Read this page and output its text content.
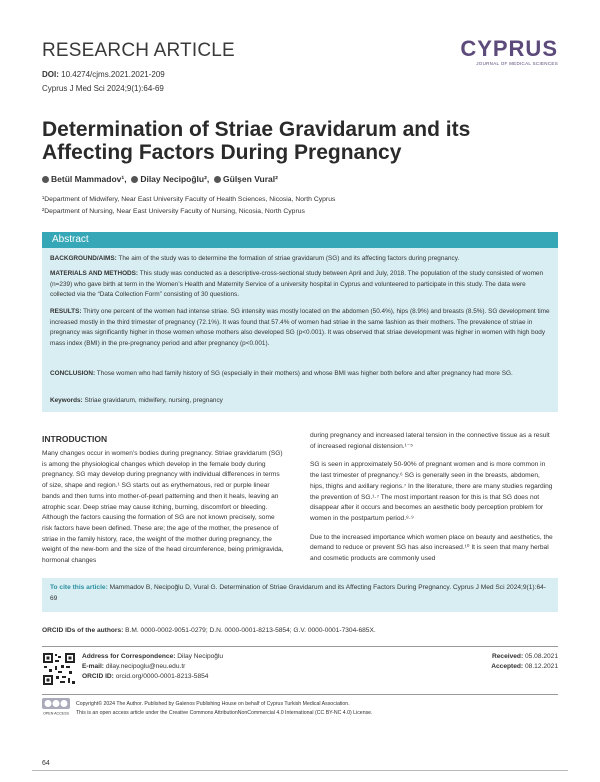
RESEARCH ARTICLE	CYPRUS
JOURNAL OF MEDICAL SCIENCES
DOI: 10.4274/cjms.2021.2021-209
Cyprus J Med Sci 2024;9(1):64-69
Determination of Striae Gravidarum and its Affecting Factors During Pregnancy
Betül Mammadov¹, Dilay Necipoğlu², Gülşen Vural²
¹Department of Midwifery, Near East University Faculty of Health Sciences, Nicosia, North Cyprus
²Department of Nursing, Near East University Faculty of Nursing, Nicosia, North Cyprus
Abstract
BACKGROUND/AIMS: The aim of the study was to determine the formation of striae gravidarum (SG) and its affecting factors during pregnancy.
MATERIALS AND METHODS: This study was conducted as a descriptive-cross-sectional study between April and July, 2018. The population of the study consisted of women (n=239) who gave birth at term in the Women’s Health and Maternity Service of a university hospital in Cyprus and volunteered to participate in this study. The data were collected via the “Data Collection Form” consisting of 30 questions.
RESULTS: Thirty one percent of the women had intense striae. SG intensity was mostly located on the abdomen (50.4%), hips (8.9%) and breasts (8.5%). SG development time increased mostly in the third trimester of pregnancy (72.1%). It was found that 57.4% of women had striae in the same fashion as their mothers. The prevalence of striae in pregnancy was significantly higher in those women whose mothers also developed SG (p<0.001). It was observed that striae development was higher in women with high body mass index (BMI) in the pre-pregnancy period and after pregnancy (p<0.001).
CONCLUSION: Those women who had family history of SG (especially in their mothers) and whose BMI was higher both before and after pregnancy had more SG.
Keywords: Striae gravidarum, midwifery, nursing, pregnancy
INTRODUCTION

Many changes occur in women’s bodies during pregnancy. Striae gravidarum (SG) is among the physiological changes which develop in the female body during pregnancy. SG may develop during pregnancy with individual differences in terms of size, shape and region.¹ SG starts out as erythematous, red or purple linear bands and then turns into mother-of-pearl patterning and then it heals, leaving an atrophic scar. Deep striae may cause itching, burning, discomfort or bleeding. Although the factors causing the formation of SG are not known precisely, some risk factors have been defined. These are; the age of the mother, the presence of striae in the family history, race, the weight of the mother during pregnancy, the weight of the new-born and the size of the head circumference, being primigravida, hormonal changes

during pregnancy and increased lateral tension in the connective tissue as a result of increased regional distension.¹⁻⁵

SG is seen in approximately 50-90% of pregnant women and is more common in the last trimester of pregnancy.⁶ SG is generally seen in the breasts, abdomen, hips, thighs and axillary regions.⁷ In the literature, there are many studies regarding the prevention of SG.¹·⁷ The most important reason for this is that SG does not disappear after it occurs and becomes an aesthetic body perception problem for women in the postpartum period.⁸·⁹

Due to the increased importance which women place on beauty and aesthetics, the demand to reduce or prevent SG has also increased.¹⁰ It is seen that many herbal and cosmetic products are commonly used

To cite this article: Mammadov B, Necipoğlu D, Vural G. Determination of Striae Gravidarum and its Affecting Factors During Pregnancy. Cyprus J Med Sci 2024;9(1):64-69
ORCID IDs of the authors: B.M. 0000-0002-9051-0279; D.N. 0000-0001-8213-5854; G.V. 0000-0001-7304-685X.
Address for Correspondence: Dilay Necipoğlu
E-mail: dilay.necipoglu@neu.edu.tr
ORCID ID: orcid.org/0000-0001-8213-5854
Received: 05.08.2021
Accepted: 08.12.2021
OPEN ACCESS
Copyright© 2024 The Author. Published by Galenos Publishing House on behalf of Cyprus Turkish Medical Association.
This is an open access article under the Creative Commons AttributionNonCommercial 4.0 International (CC BY-NC 4.0) License.
64
